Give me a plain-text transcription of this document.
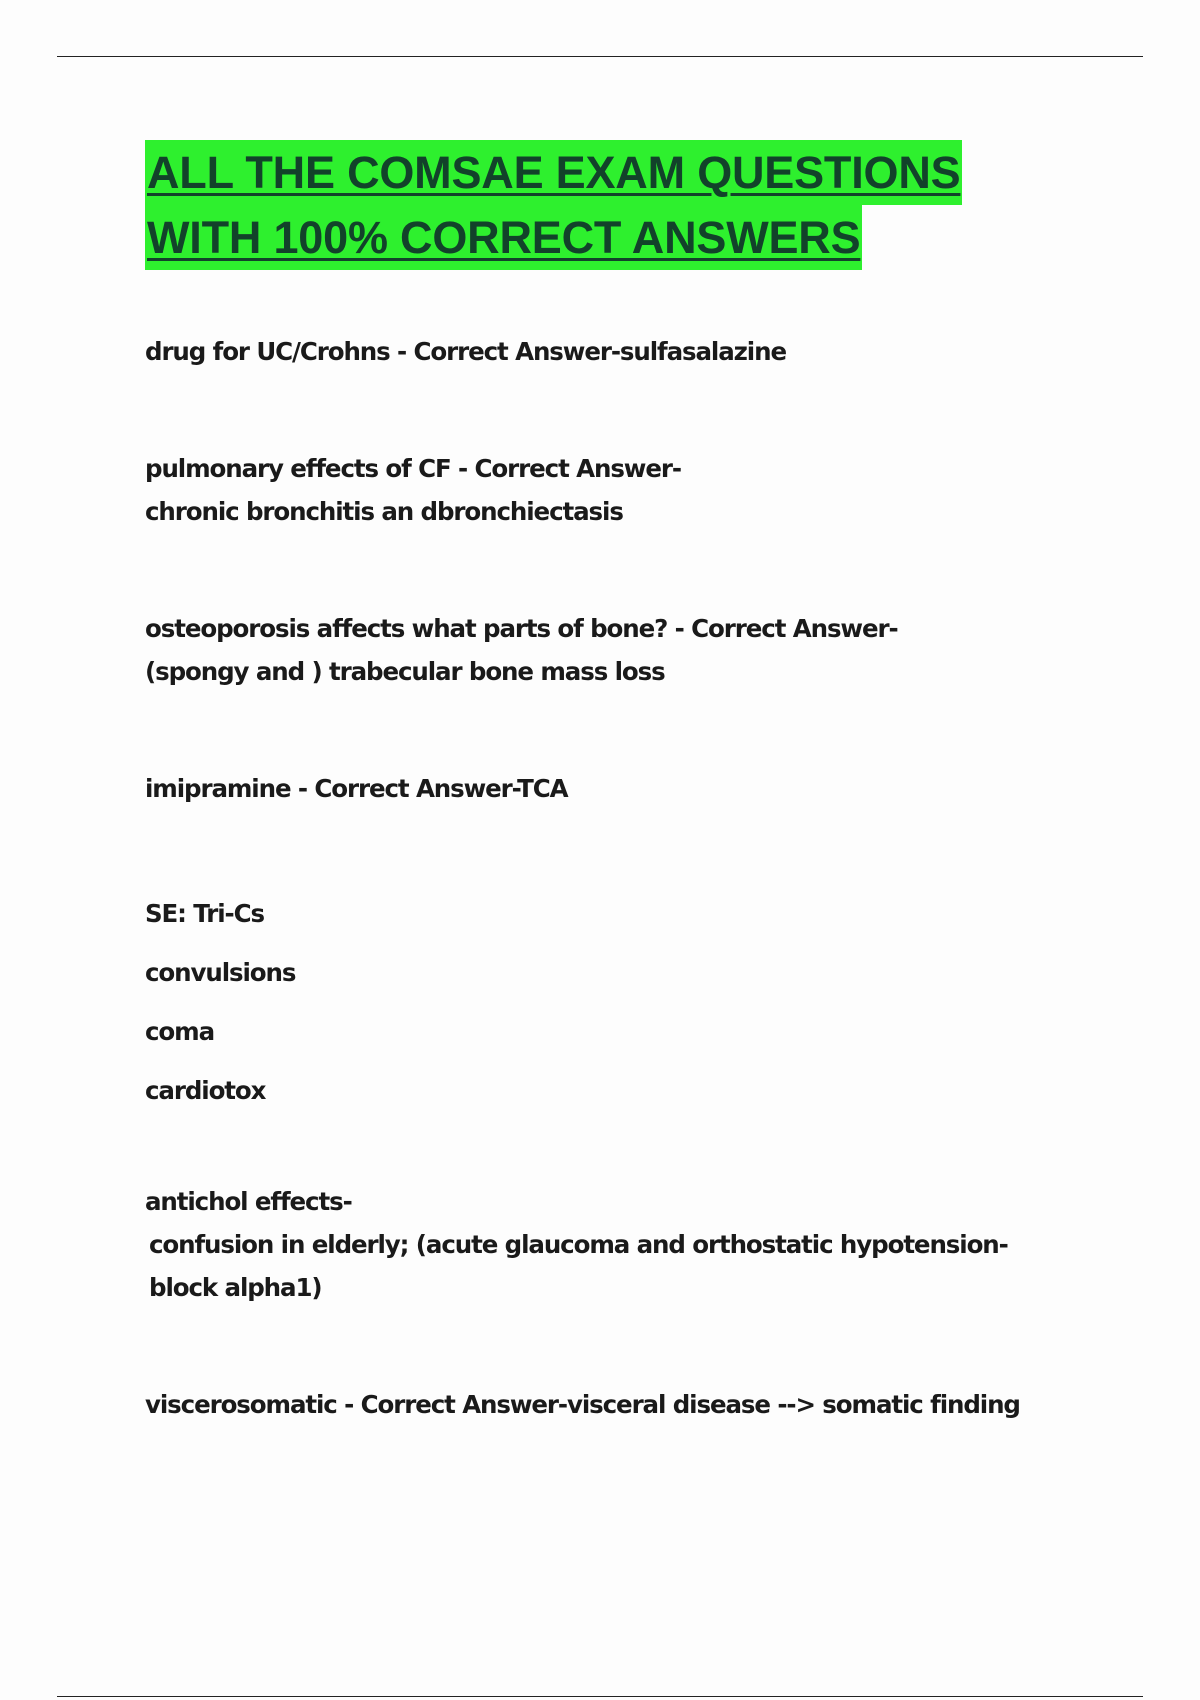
ALL THE COMSAE EXAM QUESTIONS
WITH 100% CORRECT ANSWERS
drug for UC/Crohns - Correct Answer-sulfasalazine
pulmonary effects of CF - Correct Answer-
chronic bronchitis an dbronchiectasis
osteoporosis affects what parts of bone? - Correct Answer-
(spongy and ) trabecular bone mass loss
imipramine - Correct Answer-TCA
SE: Tri-Cs
convulsions
coma
cardiotox
antichol effects-
confusion in elderly; (acute glaucoma and orthostatic hypotension-
block alpha1)
viscerosomatic - Correct Answer-visceral disease --> somatic finding
